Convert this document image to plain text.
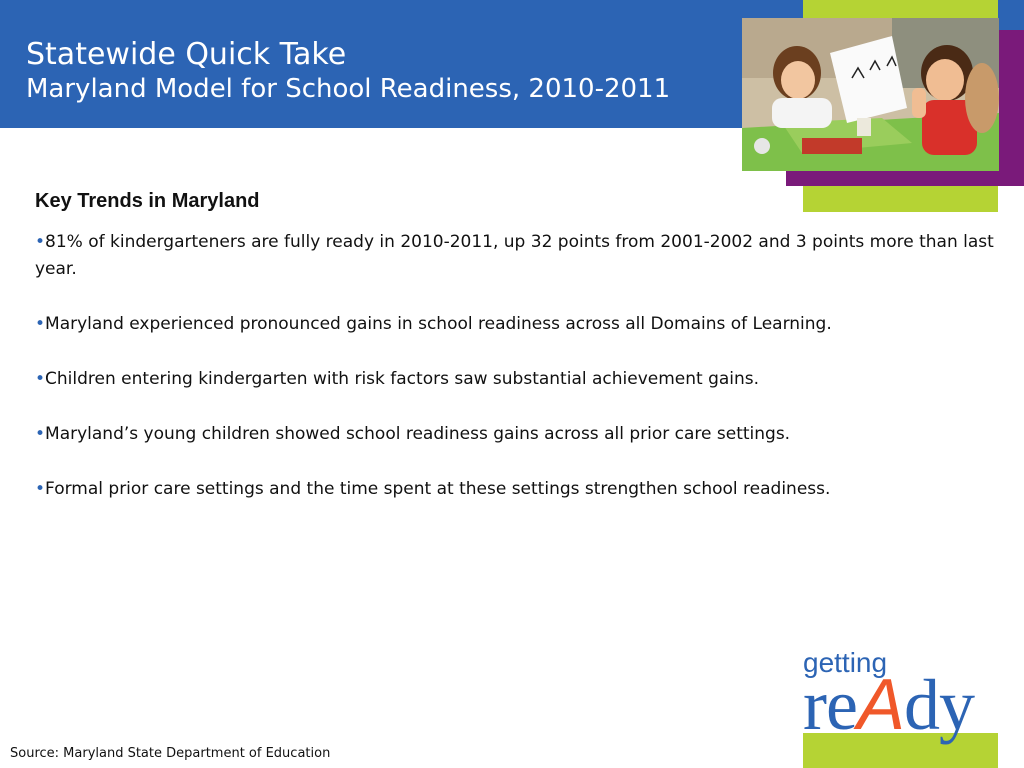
Statewide Quick Take
Maryland Model for School Readiness, 2010-2011
Key Trends in Maryland
•81% of kindergarteners are fully ready in 2010-2011, up 32 points from 2001-2002 and 3 points more than last year.
•Maryland experienced pronounced gains in school readiness across all Domains of Learning.
•Children entering kindergarten with risk factors saw substantial achievement gains.
•Maryland’s young children showed school readiness gains across all prior care settings.
•Formal prior care settings and the time spent at these settings strengthen school readiness.
getting
reAdy
Source: Maryland State Department of Education
